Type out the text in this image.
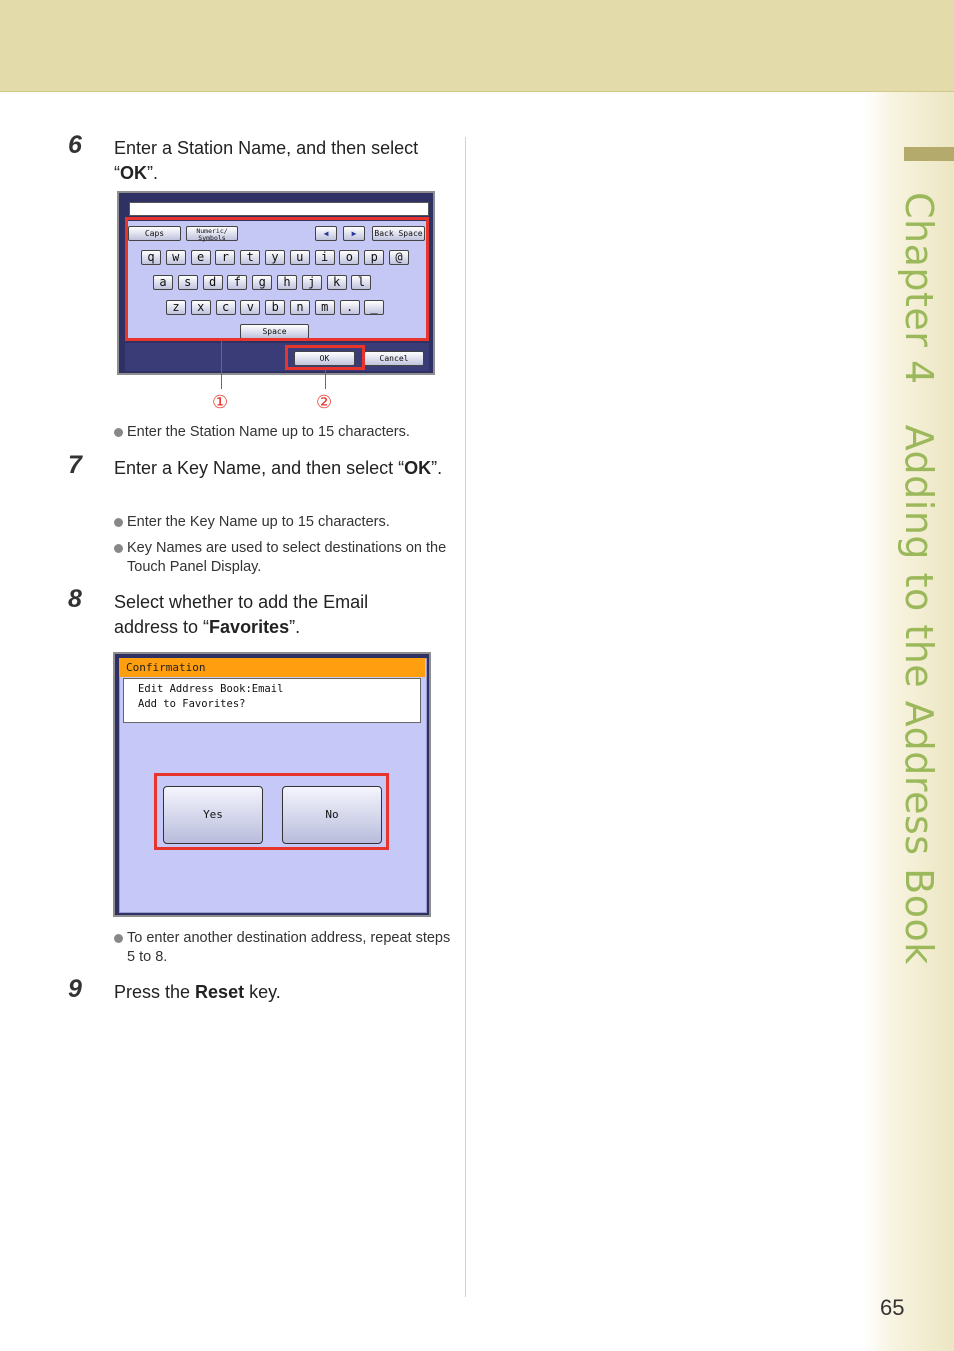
Chapter 4Adding to the Address Book
6 Enter a Station Name, and then select “OK”.
Caps	Numeric/
Symbols	◀	▶	Back Space
q	w	e	r	t	y	u	i	o	p	@
a	s	d	f	g	h	j	k	l
z	x	c	v	b	n	m	.	_
Space
OK	Cancel
①	②
Enter the Station Name up to 15 characters.
7 Enter a Key Name, and then select “OK”.
Enter the Key Name up to 15 characters.
Key Names are used to select destinations on the Touch Panel Display.
8 Select whether to add the Email address to “Favorites”.
Confirmation
Edit Address Book:Email
Add to Favorites?
Yes	No
To enter another destination address, repeat steps 5 to 8.
9 Press the Reset key.
65
